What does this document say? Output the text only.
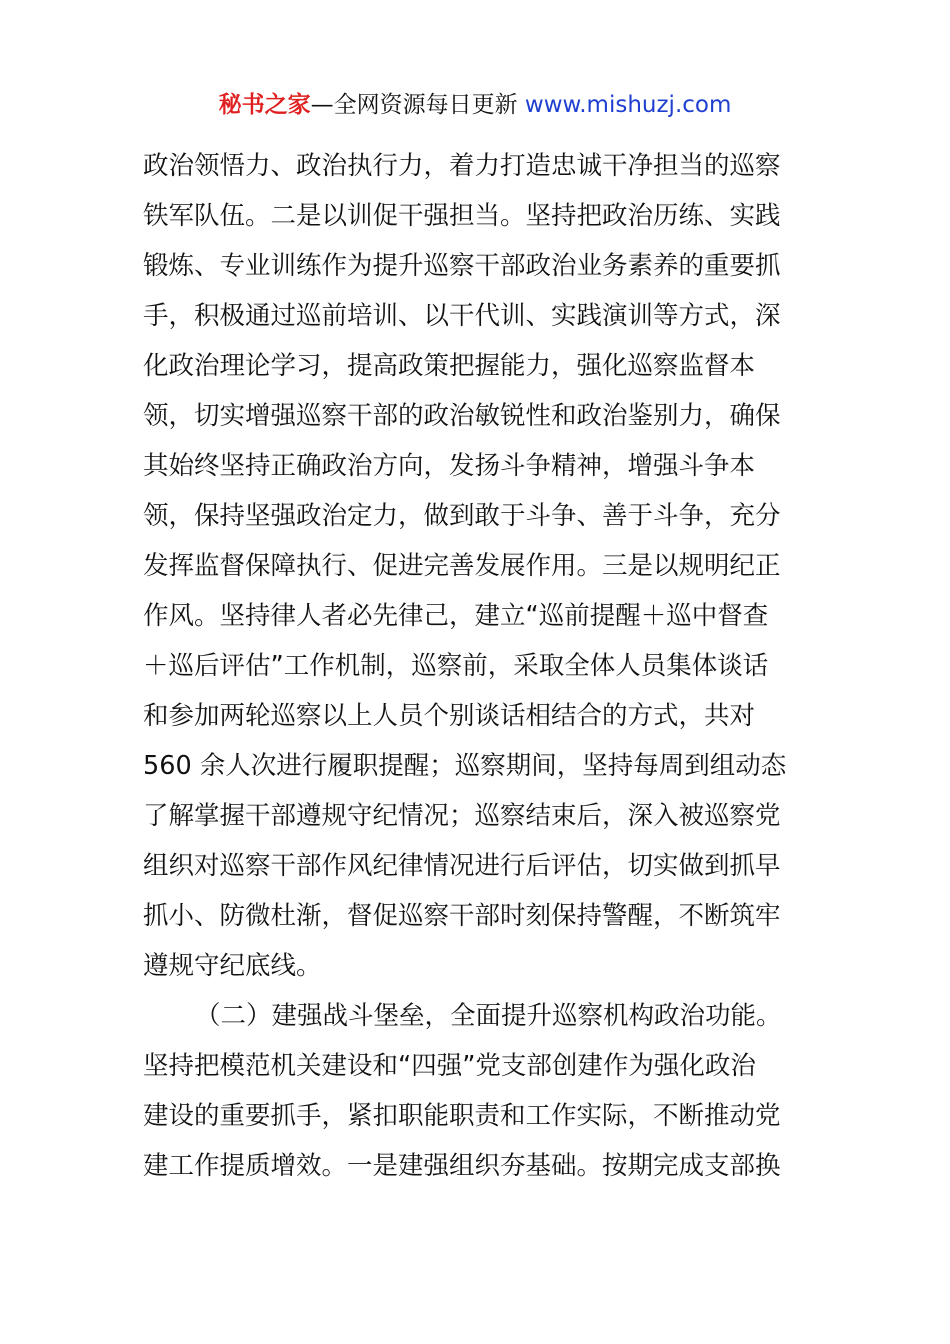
秘书之家—全网资源每日更新 www.mishuzj.com
政治领悟力、政治执行力，着力打造忠诚干净担当的巡察
铁军队伍。二是以训促干强担当。坚持把政治历练、实践
锻炼、专业训练作为提升巡察干部政治业务素养的重要抓
手，积极通过巡前培训、以干代训、实践演训等方式，深
化政治理论学习，提高政策把握能力，强化巡察监督本
领，切实增强巡察干部的政治敏锐性和政治鉴别力，确保
其始终坚持正确政治方向，发扬斗争精神，增强斗争本
领，保持坚强政治定力，做到敢于斗争、善于斗争，充分
发挥监督保障执行、促进完善发展作用。三是以规明纪正
作风。坚持律人者必先律己，建立“巡前提醒＋巡中督查
＋巡后评估”工作机制，巡察前，采取全体人员集体谈话
和参加两轮巡察以上人员个别谈话相结合的方式，共对
560 余人次进行履职提醒；巡察期间，坚持每周到组动态
了解掌握干部遵规守纪情况；巡察结束后，深入被巡察党
组织对巡察干部作风纪律情况进行后评估，切实做到抓早
抓小、防微杜渐，督促巡察干部时刻保持警醒，不断筑牢
遵规守纪底线。
（二）建强战斗堡垒，全面提升巡察机构政治功能。
坚持把模范机关建设和“四强”党支部创建作为强化政治
建设的重要抓手，紧扣职能职责和工作实际，不断推动党
建工作提质增效。一是建强组织夯基础。按期完成支部换
